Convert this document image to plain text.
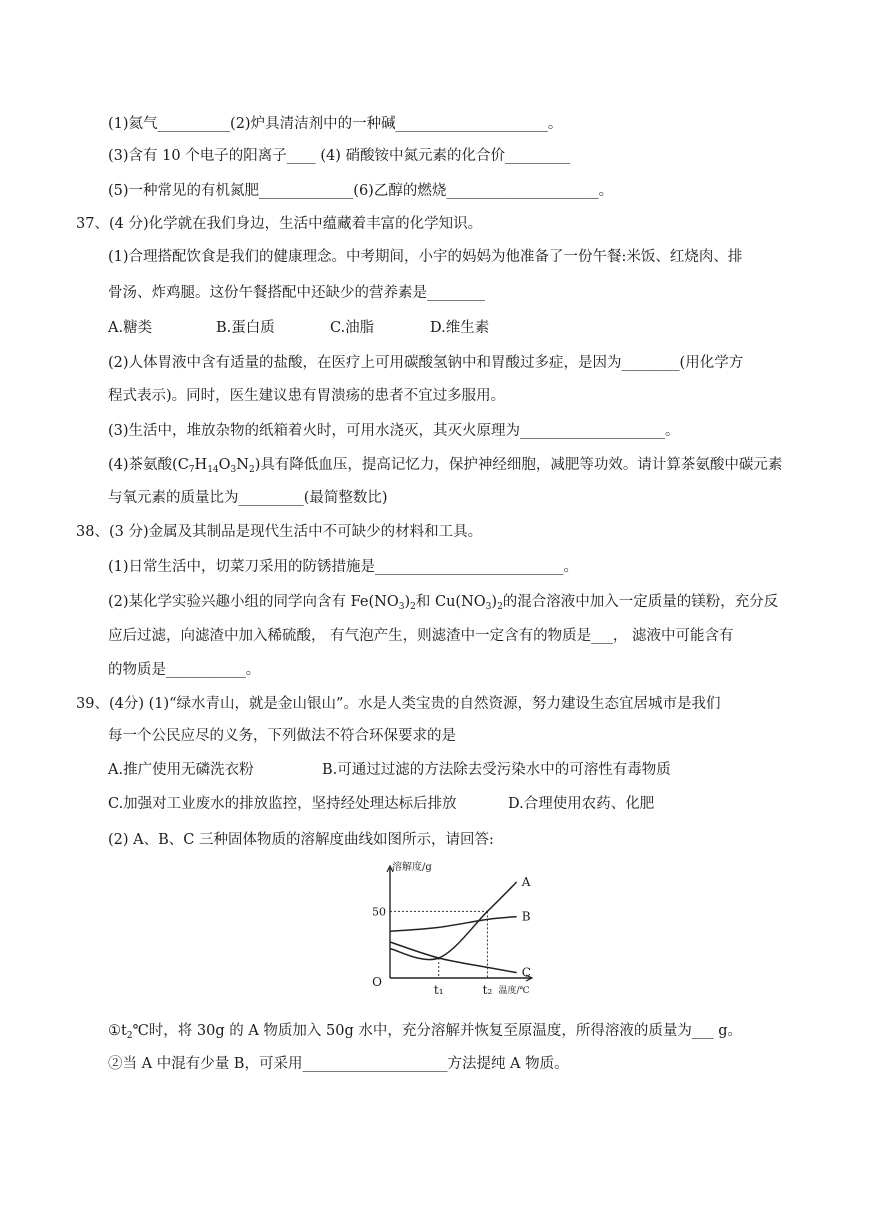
(1)氦气__________(2)炉具清洁剂中的一种碱_____________________。
(3)含有 10 个电子的阳离子____ (4) 硝酸铵中氮元素的化合价_________
(5)一种常见的有机氮肥_____________(6)乙醇的燃烧_____________________。
37、(4 分)化学就在我们身边，生活中蕴藏着丰富的化学知识。
(1)合理搭配饮食是我们的健康理念。中考期间，小宇的妈妈为他准备了一份午餐:米饭、红烧肉、排
骨汤、炸鸡腿。这份午餐搭配中还缺少的营养素是________
A.糖类	B.蛋白质	C.油脂	D.维生素
(2)人体胃液中含有适量的盐酸，在医疗上可用碳酸氢钠中和胃酸过多症，是因为________(用化学方
程式表示)。同时，医生建议患有胃溃疡的患者不宜过多服用。
(3)生活中，堆放杂物的纸箱着火时，可用水浇灭，其灭火原理为____________________。
(4)茶氨酸$(C_7H_{14}O_3N_2)$具有降低血压，提高记忆力，保护神经细胞，减肥等功效。请计算茶氨酸中碳元素
与氧元素的质量比为_________(最简整数比)
38、(3 分)金属及其制品是现代生活中不可缺少的材料和工具。
(1)日常生活中，切菜刀采用的防锈措施是__________________________。
(2)某化学实验兴趣小组的同学向含有 $Fe(NO_3)_2$和 $Cu(NO_3)_2$的混合溶液中加入一定质量的镁粉，充分反
应后过滤，向滤渣中加入稀硫酸， 有气泡产生，则滤渣中一定含有的物质是___， 滤液中可能含有
的物质是___________。
39、(4分) (1)“绿水青山，就是金山银山”。水是人类宝贵的自然资源，努力建设生态宜居城市是我们
每一个公民应尽的义务，下列做法不符合环保要求的是
A.推广使用无磷洗衣粉	B.可通过过滤的方法除去受污染水中的可溶性有毒物质
C.加强对工业废水的排放监控，坚持经处理达标后排放	D.合理使用农药、化肥
(2) A、B、C 三种固体物质的溶解度曲线如图所示，请回答:
A
B
C
溶解度/g
50
O
t₁	t₂ 温度/℃
$①t_2℃$时，将 30g 的 A 物质加入 50g 水中，充分溶解并恢复至原温度，所得溶液的质量为___ g。
②当 A 中混有少量 B，可采用____________________方法提纯 A 物质。
